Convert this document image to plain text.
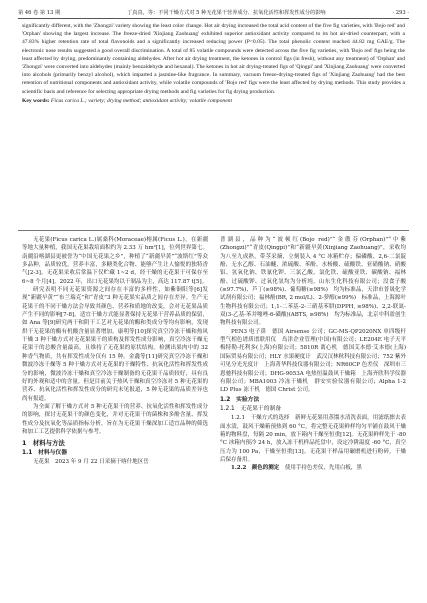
第 46 卷 第 13 期	丁真真，等：不同干燥方式对 5 种无花果干营养成分、抗氧化活性和挥发性成分的影响	· 293 ·

significantly different, with the 'Zhongzi' variety showing the least color change. Hot air drying increased the total acid content of the five fig varieties, with 'Bojo red' and 'Orphan' showing the largest increase. The freeze-dried 'Xinjiang Zaohuang' exhibited superior antioxidant activity compared to its hot air-dried counterpart, with a 47.83% higher retention rate of total flavonoids and a significantly increased reducing power (P<0.05). The total phenolic content reached 44.82 mg GAE/g. The electronic nose results suggested a good overall discrimination. A total of 85 volatile compounds were detected across the five fig varieties, with 'Bojo red' figs being the least affected by drying, predominantly containing aldehydes. After hot air drying treatment, the ketones in control figs (in fresh), without any treatment) of 'Orphan' and 'Zhongzi' were converted into aldehydes (mainly benzaldehyde and hexanal). The ketones in hot air drying-treated figs of 'Qingpi' and 'Xinjiang Zaohuang' were converted into alcohols (primarily benzyl alcohol), which imparted a jasmine-like fragrance. In summary, vacuum freeze-drying-treated figs of 'Xinjiang Zaohuang' had the best retention of nutritional components and antioxidant activity, while volatile compounds of 'Bojo red' figs were the least affected by drying methods. This study provides a scientific basis and reference for selecting appropriate drying methods and fig varieties for fig drying production.

Key words: Ficus carica L.; variety; drying method; antioxidant activity; volatile component

无花果(Ficus carica L.)属桑科(Moraceae)榕属(Ficus L.)，在新疆等地大量种植，我国无花果栽培面积约为 2.33 万 hm²[1]，位列世界第七。南疆沿喀湖县更被誉为“中国无花果之乡”，种植了“新疆早黄”“波斯红”等众多品种，品质较优，营养丰富，多糖类化合物、能够产生让人愉悦的独特香气[2-3]。无花果采收后常温下仅贮藏 1~2 d，经干燥的无花果干可保存至 6~8 个月[4]。2022 年，出口无花果均以干制品为主，高达 117.87 t[5]。

研究表明不同无花果资源之间存在丰富的多样性，如紫铜阳等[6]发现“新疆早黄”“布兰瑞克”和“青皮”3 种无花果实品质之间存在差异。生产无花果干的不同干燥方法会导致其颜色、营养和质地的改变，会对无花果品质产生不同的影响[7-8]。适宜干燥方式能显著保持无花果干营养品质的保留，如 Ana 等[9]研究两干和阴干工艺对无花果的酶和类成分等均有影响，发现烘干无花果的酶有机酸含量显著增加。康明等[10]探究真空冷冻干燥和热风干燥 3 种干燥方式对无花果果干的质构及挥发性成分影响，真空冷冻干燥无花果干的总酸含量最高，且维持了无花果的原状结构。检测出果肉中的 32 种香气物质，共有挥发性成分仅有 15 种。金鑫等[11]研究真空冷冻干燥和微波冷冻干燥等 5 种干燥方式对无花果的干燥特性、抗氧化活性和挥发性成分的影响，微波冷冻干燥和真空冷冻干燥制备的无花果干品质较好，具有良好的外观和适中的含量。但是目前关于热风干燥和真空冷冻对 5 种无花果的营养、抗氧化活性和挥发性成分的研究未见报道，5 种无花果的品质差异也尚有报道。

为全面了解干燥方式对 5 种无花果干的营养、抗氧化活性和挥发性成分的影响，探讨无花果干的颜色变化，并对无花果干的菌株和多酚含量、挥发性成分及抗氧化等品质指标分析，旨在为无花果干燥深加工适宜品种的筛选和加工工艺提供科学依据与参考。

1　材料与方法
1.1　材料与仪器

无花果　2023 年 9 月 22 日采摘于喀什地区岳

普湖县，品种为“波顿红(Bojo red)”“金傲芬(Orphan)”“中紫(Zhongzi)”“青皮(Qingpi)”和“新疆早黄(Xinjiang Zaohuang)”，采收均为八至九成熟，带茎采摘，立刻装入 4 °C 冰箱贮存；偏磷酸、2,6-二氯靛酚、无水乙醇、石油醚、浓硫酸、苯酚、水杨酸、硫酸铁、亚硝酸钠、硝酸铝、氢氧化钠、铁氰化钾、三氯乙酸、氯化铁、硫酸亚铁、碳酸钠、福林酚、过硫酸钾、过氧化氢均为分析纯，山东生化科技有限公司；没食子酸(≥97.7%)、芦丁(≥98%)、葡萄糖(≥98%)　均为标准品，天津市普晟化学试剂有限公司；福林酚(BR, 2 mol/L)、2-萝醇(≥99%)　标准品，上海源叶生物科技有限公司；1,1-二苯基-2-三硝基苯肼(DPPH, ≥98%)、2,2-联氮-双(3-乙基-苯并噻唑-6-磺酸)(ABTS, ≥98%)　均为标准品，北京中科盈创生物科技有限公司。

PEN3 电子鼻　德国 Airsense 公司；GC-MS-QP2020NX 单四级杆型气相色谱质谱联用仪　岛津企业管理(中国)有限公司；LE204E 电子天平　梅特勒-托利多(上海)有限公司；5810R 离心机　德国艾本德·艾本德(上海)国际贸易有限公司；HLY 水果硬度计　武汉汉林秋科技有限公司；752 紫外可见分光光度计　上海菁华科技仪器有限公司；NR60CP 色差仪　深圳市三恩驰科技有限公司；DHG-9053A 电热恒温鼓风干燥箱　上海齐欣科学仪器有限公司；MBA1003 冷冻干燥机　群安实验仪器有限公司；Alpha 1-2 LD Plus 冻干机　德国 Christ 公司。

1.2　实验方法
1.2.1　无花果干的制备

1.2.1　干燥方式的选择　新鲜无花果用蒸馏水清洗表面，用滤纸擦去表面水渍，鼓风干燥箱预热到 60 °C，将完整无花果鲜样均匀平铺在鼓风干燥箱的物料盘，每隔 20 min，放下箱内干燥至恒重[12]。无花果鲜样先于 -80 °C 冰箱内预冷 24 h，放入冻干机样品托盘中，设定冷阱温度 -60 °C，真空压力为 100 Pa，干燥至恒重[13]。无花果干样品用碾磨机进行粉碎，干燥后保存备用。

1.2.2　颜色的测定　 使用手持色差仪，先用白板，黑
